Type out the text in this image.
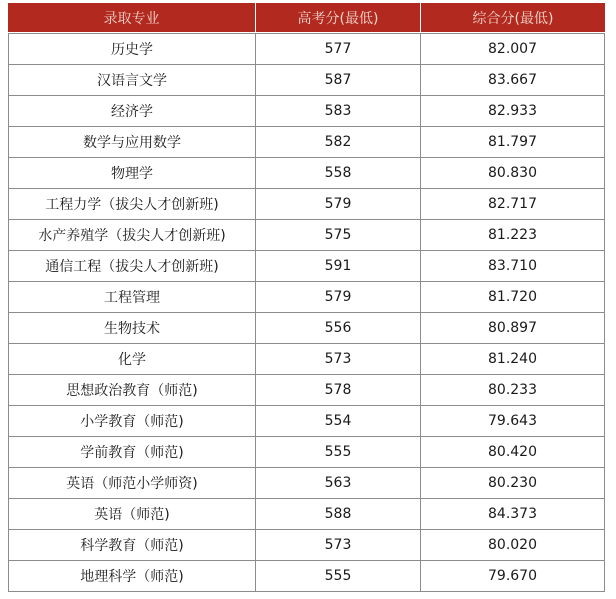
录取专业	高考分(最低)	综合分(最低)
历史学	577	82.007
汉语言文学	587	83.667
经济学	583	82.933
数学与应用数学	582	81.797
物理学	558	80.830
工程力学（拔尖人才创新班)	579	82.717
水产养殖学（拔尖人才创新班)	575	81.223
通信工程（拔尖人才创新班)	591	83.710
工程管理	579	81.720
生物技术	556	80.897
化学	573	81.240
思想政治教育（师范)	578	80.233
小学教育（师范)	554	79.643
学前教育（师范)	555	80.420
英语（师范小学师资)	563	80.230
英语（师范)	588	84.373
科学教育（师范)	573	80.020
地理科学（师范)	555	79.670
